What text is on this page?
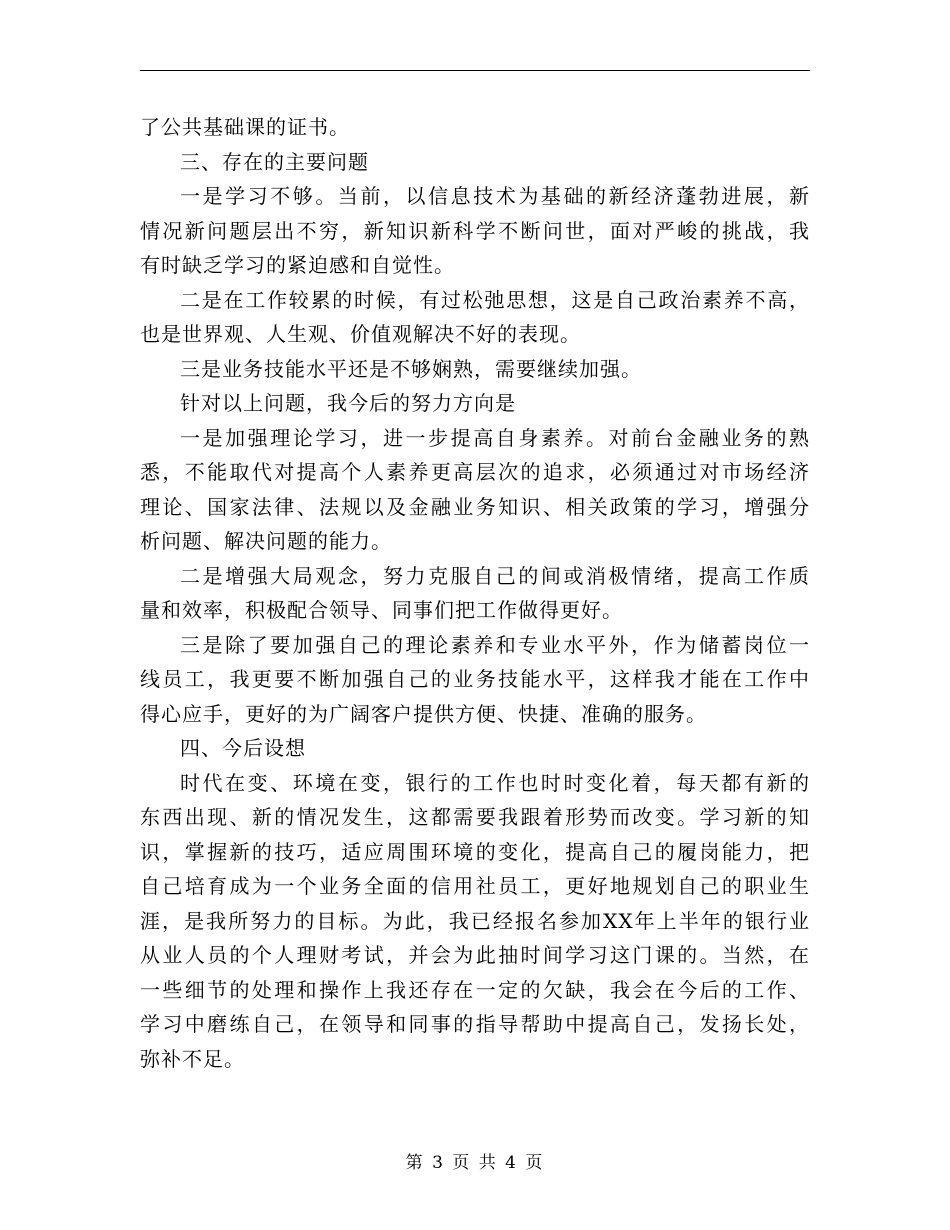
了公共基础课的证书。
三、存在的主要问题
一是学习不够。当前，以信息技术为基础的新经济蓬勃进展，新
情况新问题层出不穷，新知识新科学不断问世，面对严峻的挑战，我
有时缺乏学习的紧迫感和自觉性。
二是在工作较累的时候，有过松弛思想，这是自己政治素养不高，
也是世界观、人生观、价值观解决不好的表现。
三是业务技能水平还是不够娴熟，需要继续加强。
针对以上问题，我今后的努力方向是
一是加强理论学习，进一步提高自身素养。对前台金融业务的熟
悉，不能取代对提高个人素养更高层次的追求，必须通过对市场经济
理论、国家法律、法规以及金融业务知识、相关政策的学习，增强分
析问题、解决问题的能力。
二是增强大局观念，努力克服自己的间或消极情绪，提高工作质
量和效率，积极配合领导、同事们把工作做得更好。
三是除了要加强自己的理论素养和专业水平外，作为储蓄岗位一
线员工，我更要不断加强自己的业务技能水平，这样我才能在工作中
得心应手，更好的为广阔客户提供方便、快捷、准确的服务。
四、今后设想
时代在变、环境在变，银行的工作也时时变化着，每天都有新的
东西出现、新的情况发生，这都需要我跟着形势而改变。学习新的知
识，掌握新的技巧，适应周围环境的变化，提高自己的履岗能力，把
自己培育成为一个业务全面的信用社员工，更好地规划自己的职业生
涯，是我所努力的目标。为此，我已经报名参加XX年上半年的银行业
从业人员的个人理财考试，并会为此抽时间学习这门课的。当然，在
一些细节的处理和操作上我还存在一定的欠缺，我会在今后的工作、
学习中磨练自己，在领导和同事的指导帮助中提高自己，发扬长处，
弥补不足。
第 3 页 共 4 页
